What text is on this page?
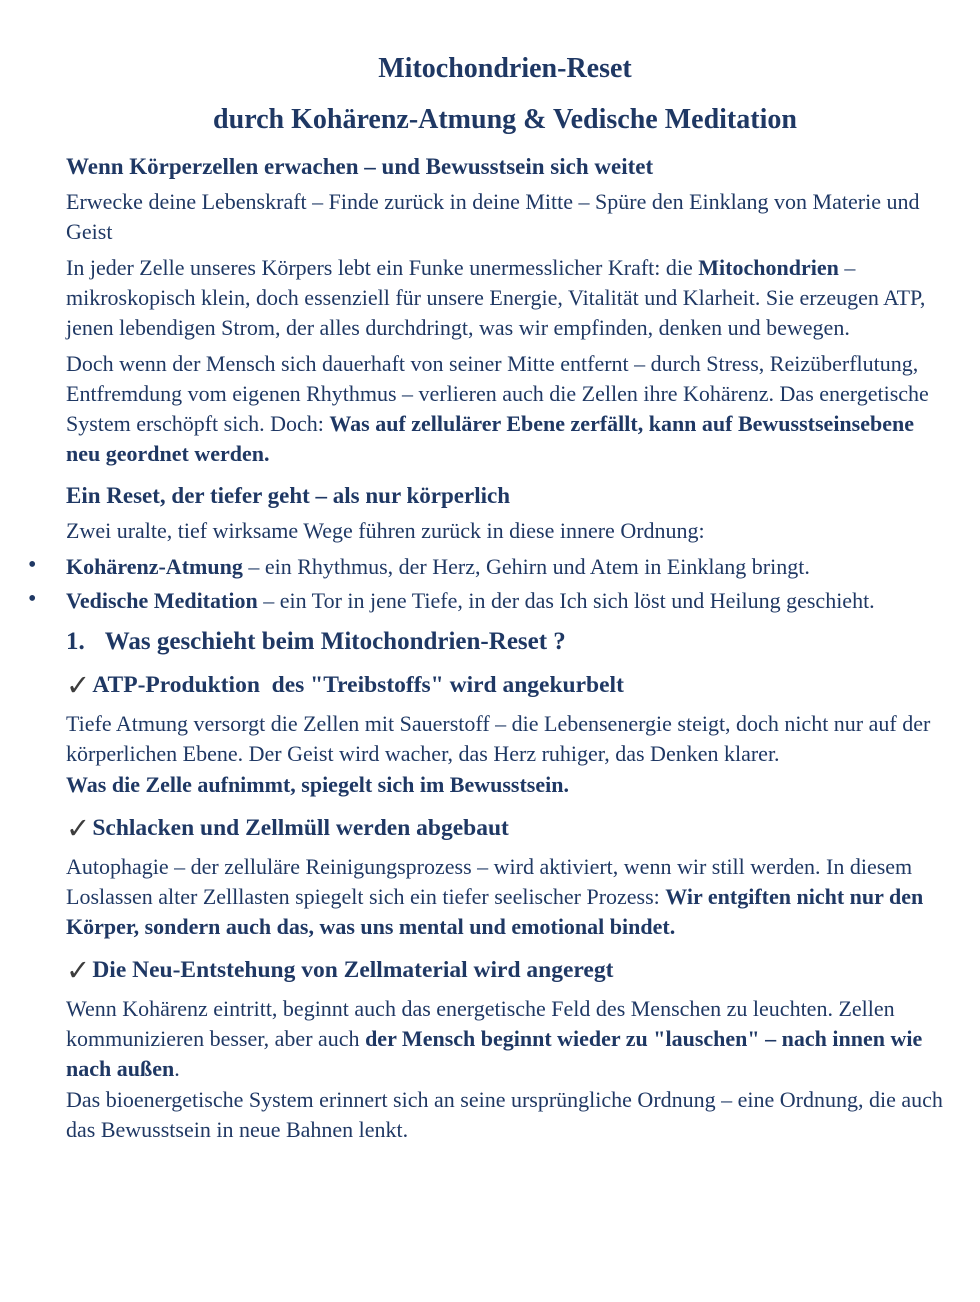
Mitochondrien-Reset
durch Kohärenz-Atmung & Vedische Meditation
Wenn Körperzellen erwachen – und Bewusstsein sich weitet

Erwecke deine Lebenskraft – Finde zurück in deine Mitte – Spüre den Einklang von Materie und Geist

In jeder Zelle unseres Körpers lebt ein Funke unermesslicher Kraft: die Mitochondrien – mikroskopisch klein, doch essenziell für unsere Energie, Vitalität und Klarheit. Sie erzeugen ATP, jenen lebendigen Strom, der alles durchdringt, was wir empfinden, denken und bewegen.

Doch wenn der Mensch sich dauerhaft von seiner Mitte entfernt – durch Stress, Reizüberflutung, Entfremdung vom eigenen Rhythmus – verlieren auch die Zellen ihre Kohärenz. Das energetische System erschöpft sich. Doch: Was auf zellulärer Ebene zerfällt, kann auf Bewusstseinsebene neu geordnet werden.

Ein Reset, der tiefer geht – als nur körperlich

Zwei uralte, tief wirksame Wege führen zurück in diese innere Ordnung:

• Kohärenz-Atmung – ein Rhythmus, der Herz, Gehirn und Atem in Einklang bringt.
• Vedische Meditation – ein Tor in jene Tiefe, in der das Ich sich löst und Heilung geschieht.
1. Was geschieht beim Mitochondrien-Reset ?
✓ATP-Produktion  des "Treibstoffs" wird angekurbelt

Tiefe Atmung versorgt die Zellen mit Sauerstoff – die Lebensenergie steigt, doch nicht nur auf der körperlichen Ebene. Der Geist wird wacher, das Herz ruhiger, das Denken klarer.

Was die Zelle aufnimmt, spiegelt sich im Bewusstsein.

✓Schlacken und Zellmüll werden abgebaut

Autophagie – der zelluläre Reinigungsprozess – wird aktiviert, wenn wir still werden. In diesem Loslassen alter Zelllasten spiegelt sich ein tiefer seelischer Prozess: Wir entgiften nicht nur den Körper, sondern auch das, was uns mental und emotional bindet.

✓Die Neu-Entstehung von Zellmaterial wird angeregt

Wenn Kohärenz eintritt, beginnt auch das energetische Feld des Menschen zu leuchten. Zellen kommunizieren besser, aber auch der Mensch beginnt wieder zu "lauschen" – nach innen wie nach außen.

Das bioenergetische System erinnert sich an seine ursprüngliche Ordnung – eine Ordnung, die auch das Bewusstsein in neue Bahnen lenkt.
